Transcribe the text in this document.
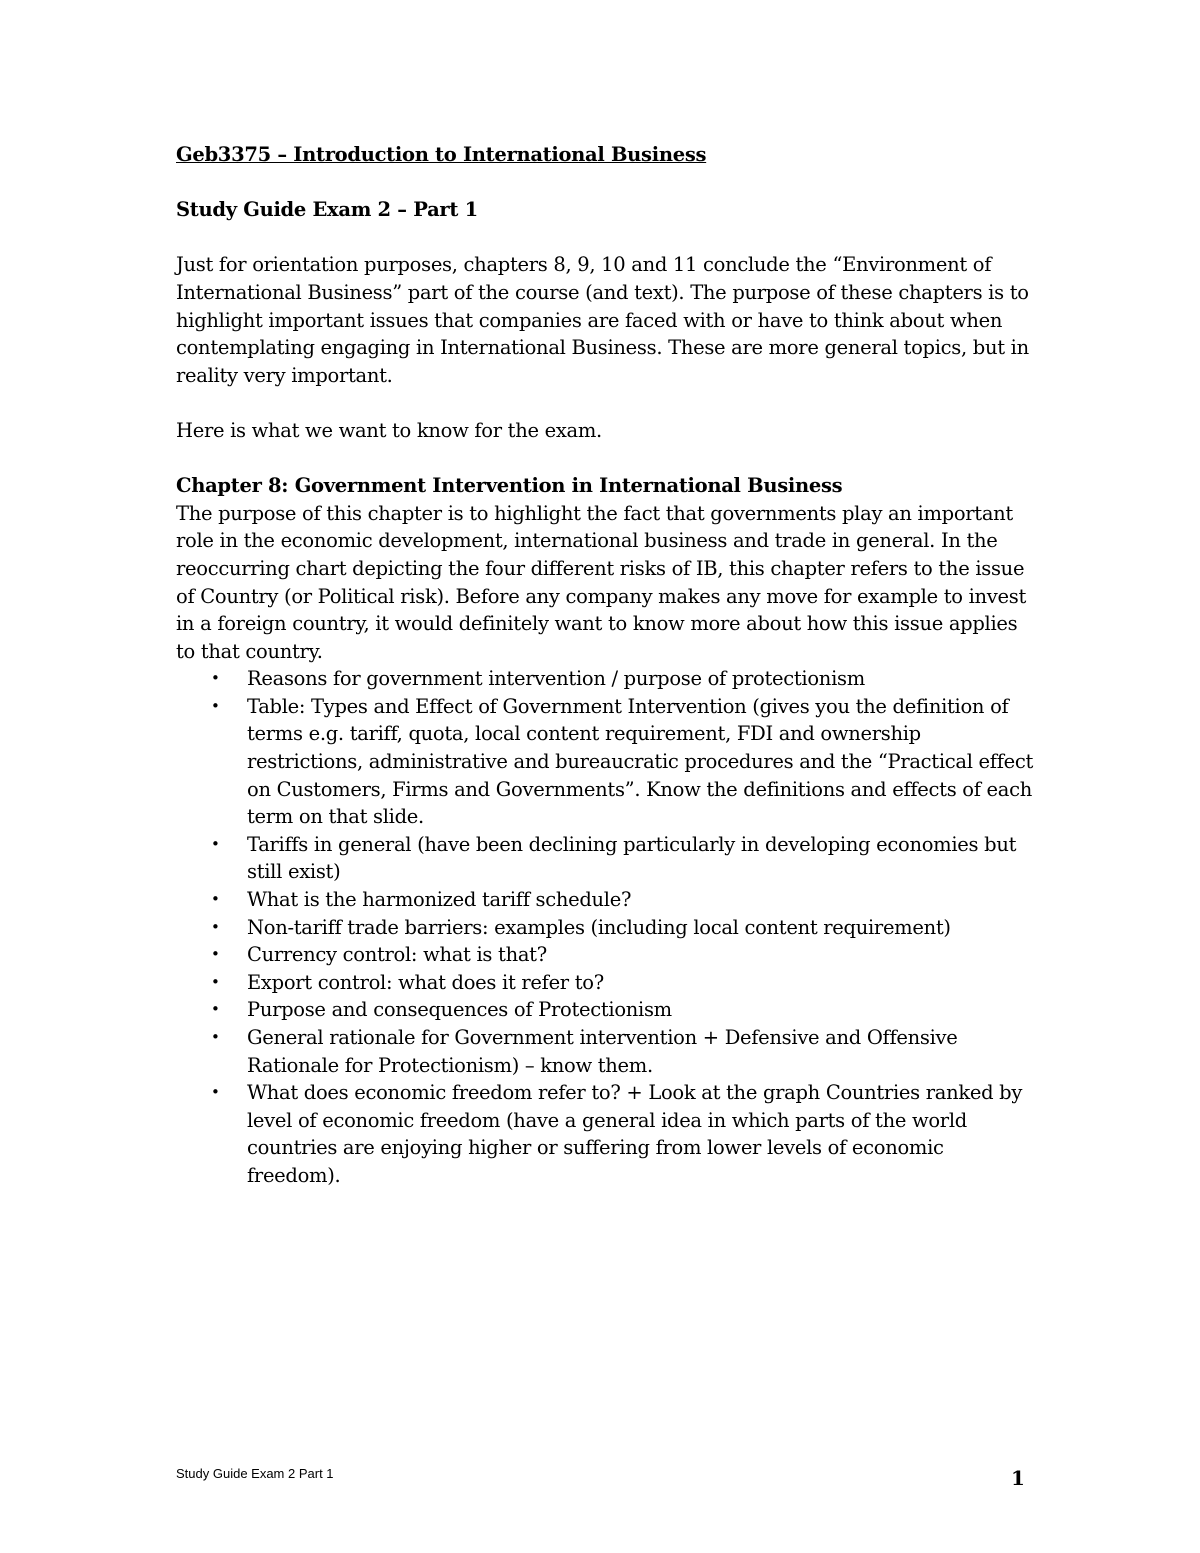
Geb3375 – Introduction to International Business

Study Guide Exam 2 – Part 1

Just for orientation purposes, chapters 8, 9, 10 and 11 conclude the “Environment of International Business” part of the course (and text). The purpose of these chapters is to highlight important issues that companies are faced with or have to think about when contemplating engaging in International Business. These are more general topics, but in reality very important.

Here is what we want to know for the exam.

Chapter 8: Government Intervention in International Business

The purpose of this chapter is to highlight the fact that governments play an important role in the economic development, international business and trade in general. In the reoccurring chart depicting the four different risks of IB, this chapter refers to the issue of Country (or Political risk). Before any company makes any move for example to invest in a foreign country, it would definitely want to know more about how this issue applies to that country.

• Reasons for government intervention / purpose of protectionism
• Table: Types and Effect of Government Intervention (gives you the definition of terms e.g. tariff, quota, local content requirement, FDI and ownership restrictions, administrative and bureaucratic procedures and the “Practical effect on Customers, Firms and Governments”. Know the definitions and effects of each term on that slide.
• Tariffs in general (have been declining particularly in developing economies but still exist)
• What is the harmonized tariff schedule?
• Non-tariff trade barriers: examples (including local content requirement)
• Currency control: what is that?
• Export control: what does it refer to?
• Purpose and consequences of Protectionism
• General rationale for Government intervention + Defensive and Offensive Rationale for Protectionism) – know them.
• What does economic freedom refer to? + Look at the graph Countries ranked by level of economic freedom (have a general idea in which parts of the world countries are enjoying higher or suffering from lower levels of economic freedom).
Study Guide Exam 2 Part 1	1
